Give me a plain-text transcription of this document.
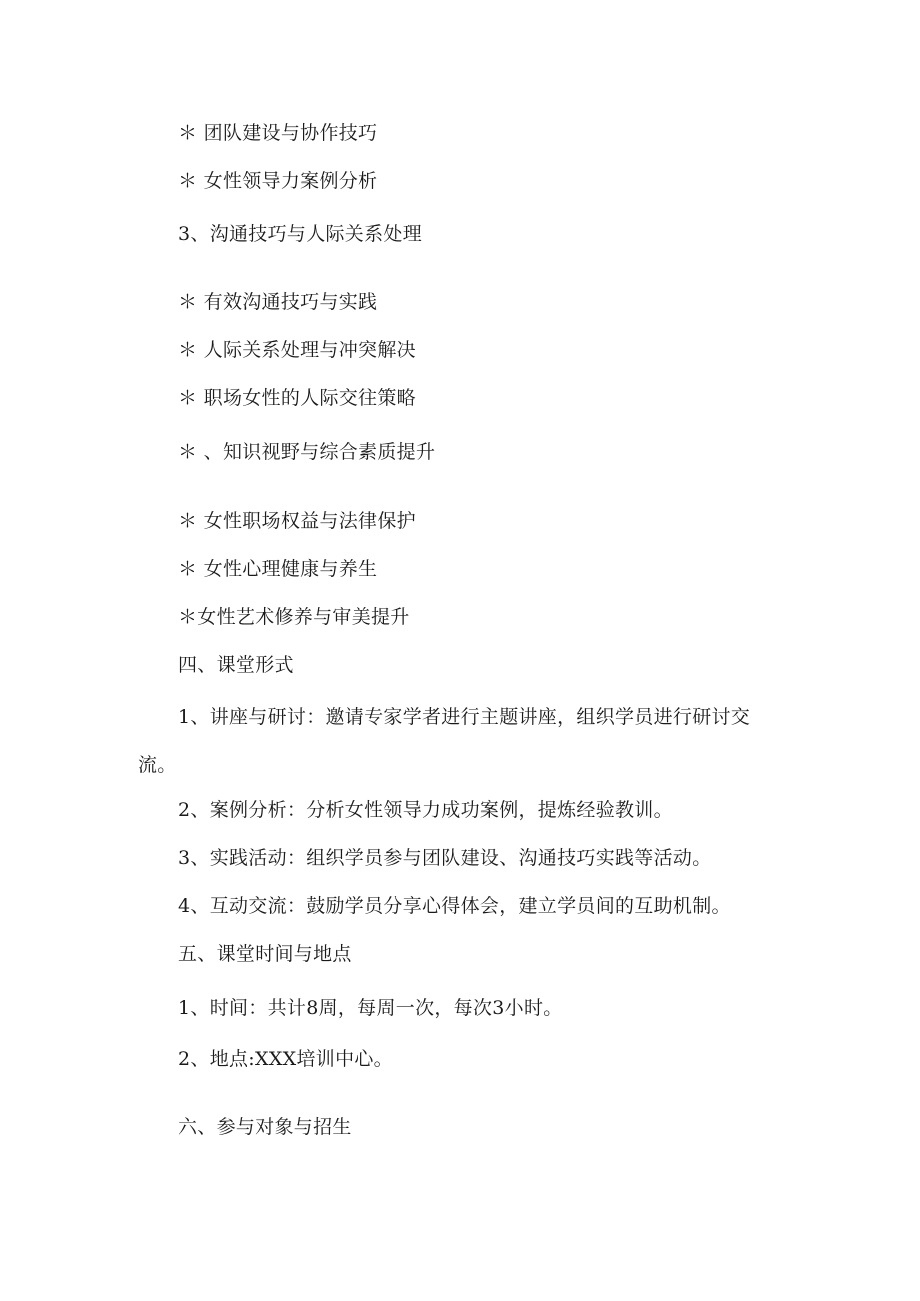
＊ 团队建设与协作技巧
＊ 女性领导力案例分析
3、沟通技巧与人际关系处理
＊ 有效沟通技巧与实践
＊ 人际关系处理与冲突解决
＊ 职场女性的人际交往策略
＊ 、知识视野与综合素质提升
＊ 女性职场权益与法律保护
＊ 女性心理健康与养生
＊女性艺术修养与审美提升
四、课堂形式
1、讲座与研讨：邀请专家学者进行主题讲座，组织学员进行研讨交
流。
2、案例分析：分析女性领导力成功案例，提炼经验教训。
3、实践活动：组织学员参与团队建设、沟通技巧实践等活动。
4、互动交流：鼓励学员分享心得体会，建立学员间的互助机制。
五、课堂时间与地点
1、时间：共计8周，每周一次，每次3小时。
2、地点:XXX培训中心。
六、参与对象与招生
